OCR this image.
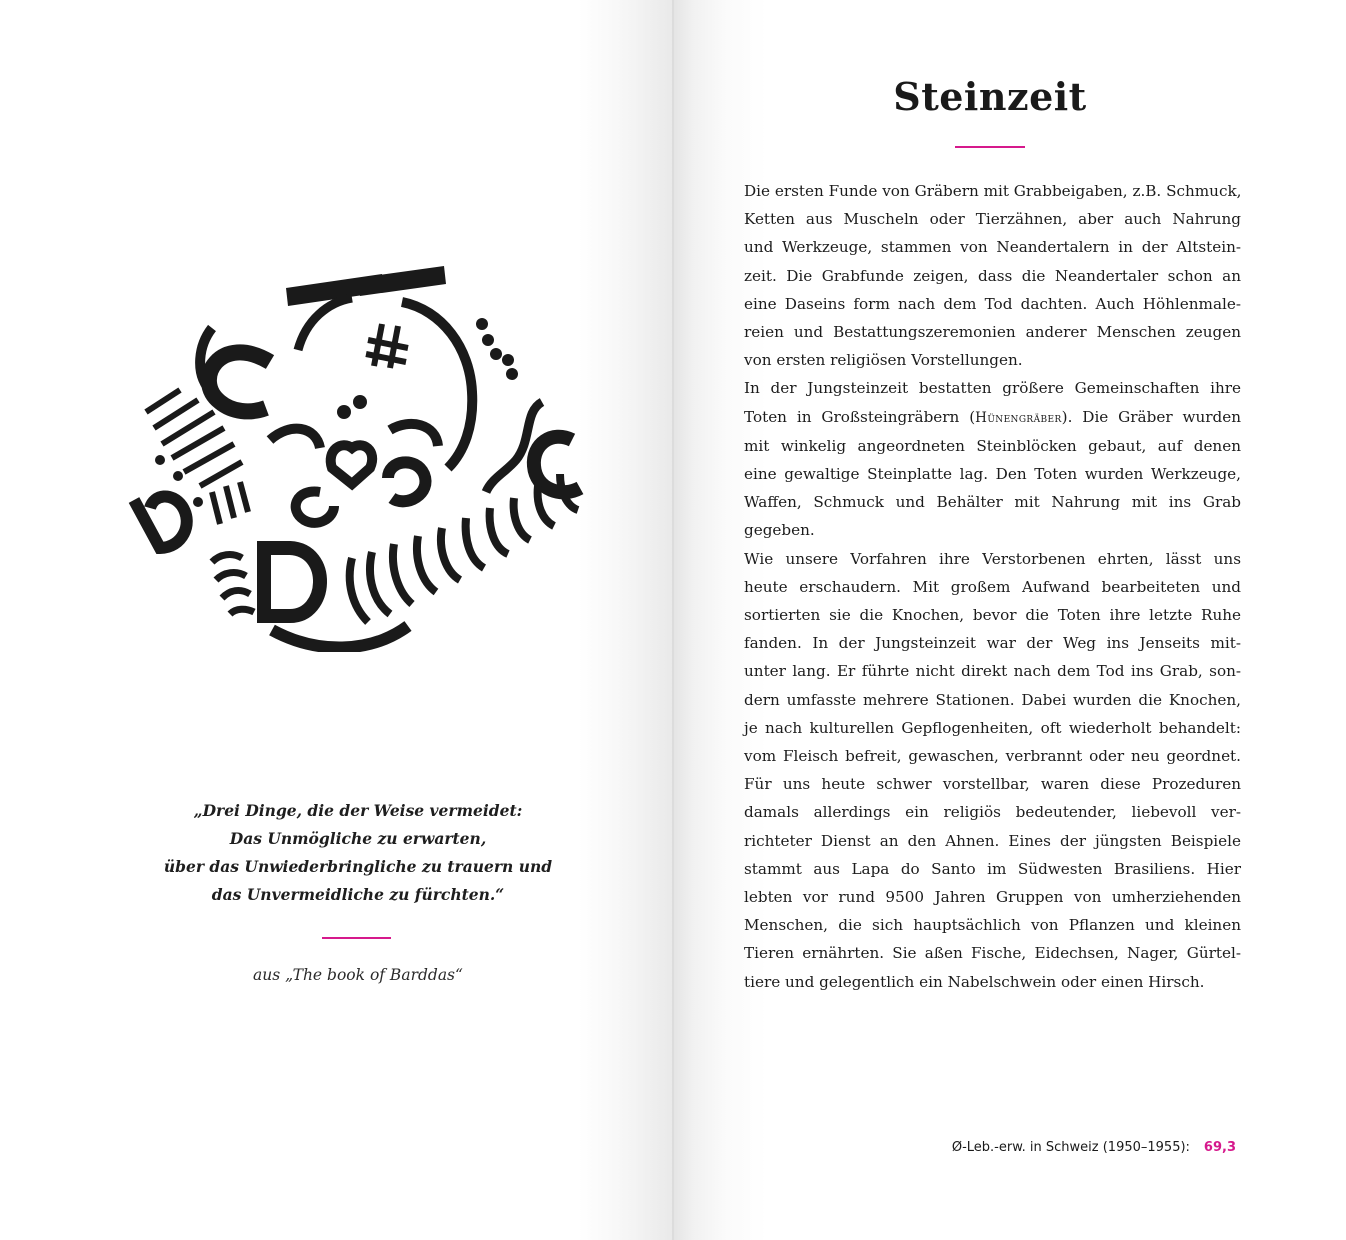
„Drei Dinge, die der Weise vermeidet:
Das Unmögliche zu erwarten,
über das Unwiederbringliche zu trauern und
das Unvermeidliche zu fürchten.“
aus „The book of Barddas“
Steinzeit
Die ersten Funde von Gräbern mit Grabbeigaben, z.B. Schmuck,
Ketten aus Muscheln oder Tierzähnen, aber auch Nahrung
und Werkzeuge, stammen von Neandertalern in der Altstein-
zeit. Die Grabfunde zeigen, dass die Neandertaler schon an
eine Daseins form nach dem Tod dachten. Auch Höhlenmale-
reien und Bestattungszeremonien anderer Menschen zeugen
von ersten religiösen Vorstellungen.
In der Jungsteinzeit bestatten größere Gemeinschaften ihre
Toten in Großsteingräbern (Hünengräber). Die Gräber wurden
mit winkelig angeordneten Steinblöcken gebaut, auf denen
eine gewaltige Steinplatte lag. Den Toten wurden Werkzeuge,
Waffen, Schmuck und Behälter mit Nahrung mit ins Grab
gegeben.
Wie unsere Vorfahren ihre Verstorbenen ehrten, lässt uns
heute erschaudern. Mit großem Aufwand bearbeiteten und
sortierten sie die Knochen, bevor die Toten ihre letzte Ruhe
fanden. In der Jungsteinzeit war der Weg ins Jenseits mit-
unter lang. Er führte nicht direkt nach dem Tod ins Grab, son-
dern umfasste mehrere Stationen. Dabei wurden die Knochen,
je nach kulturellen Gepflogenheiten, oft wiederholt behandelt:
vom Fleisch befreit, gewaschen, verbrannt oder neu geordnet.
Für uns heute schwer vorstellbar, waren diese Prozeduren
damals allerdings ein religiös bedeutender, liebevoll ver-
richteter Dienst an den Ahnen. Eines der jüngsten Beispiele
stammt aus Lapa do Santo im Südwesten Brasiliens. Hier
lebten vor rund 9500 Jahren Gruppen von umherziehenden
Menschen, die sich hauptsächlich von Pflanzen und kleinen
Tieren ernährten. Sie aßen Fische, Eidechsen, Nager, Gürtel-
tiere und gelegentlich ein Nabelschwein oder einen Hirsch.
Ø-Leb.-erw. in Schweiz (1950–1955): 69,3
